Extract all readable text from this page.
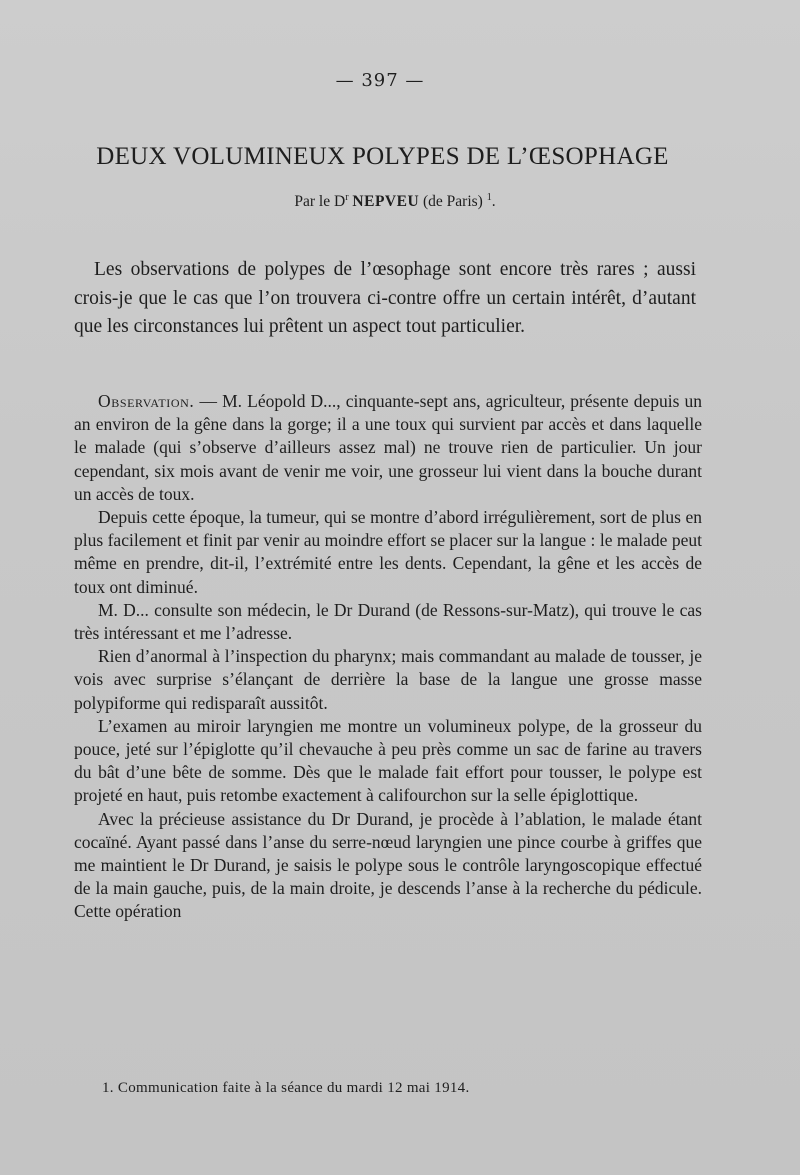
— 397 —
DEUX VOLUMINEUX POLYPES DE L’ŒSOPHAGE
Par le $D^r$ NEPVEU (de Paris) $^1$.
Les observations de polypes de l’œsophage sont encore très rares ; aussi crois-je que le cas que l’on trouvera ci-contre offre un certain intérêt, d’autant que les circonstances lui prêtent un aspect tout particulier.

Observation. — M. Léopold D..., cinquante-sept ans, agriculteur, présente depuis un an environ de la gêne dans la gorge; il a une toux qui survient par accès et dans laquelle le malade (qui s’observe d’ailleurs assez mal) ne trouve rien de particulier. Un jour cependant, six mois avant de venir me voir, une grosseur lui vient dans la bouche durant un accès de toux.

Depuis cette époque, la tumeur, qui se montre d’abord irrégulièrement, sort de plus en plus facilement et finit par venir au moindre effort se placer sur la langue : le malade peut même en prendre, dit-il, l’extrémité entre les dents. Cependant, la gêne et les accès de toux ont diminué.

M. D... consulte son médecin, le Dr Durand (de Ressons-sur-Matz), qui trouve le cas très intéressant et me l’adresse.

Rien d’anormal à l’inspection du pharynx; mais commandant au malade de tousser, je vois avec surprise s’élançant de derrière la base de la langue une grosse masse polypiforme qui redisparaît aussitôt.

L’examen au miroir laryngien me montre un volumineux polype, de la grosseur du pouce, jeté sur l’épiglotte qu’il chevauche à peu près comme un sac de farine au travers du bât d’une bête de somme. Dès que le malade fait effort pour tousser, le polype est projeté en haut, puis retombe exactement à califourchon sur la selle épiglottique.

Avec la précieuse assistance du Dr Durand, je procède à l’ablation, le malade étant cocaïné. Ayant passé dans l’anse du serre-nœud laryngien une pince courbe à griffes que me maintient le Dr Durand, je saisis le polype sous le contrôle laryngoscopique effectué de la main gauche, puis, de la main droite, je descends l’anse à la recherche du pédicule. Cette opération

1. Communication faite à la séance du mardi 12 mai 1914.
